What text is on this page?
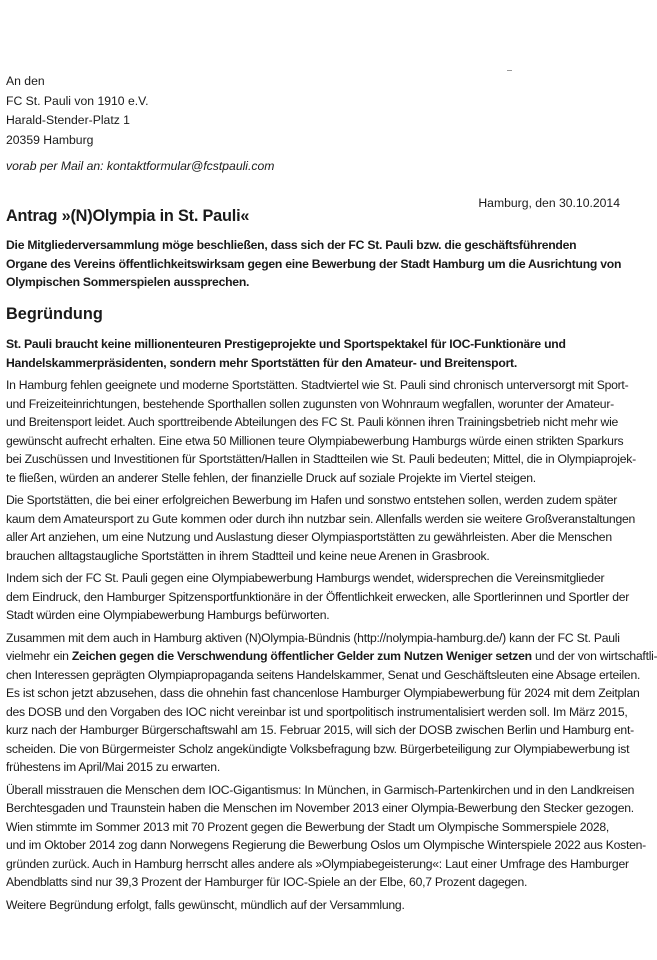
An den
FC St. Pauli von 1910 e.V.
Harald-Stender-Platz 1
20359 Hamburg
vorab per Mail an: kontaktformular@fcstpauli.com
Hamburg, den 30.10.2014
Antrag »(N)Olympia in St. Pauli«
Die Mitgliederversammlung möge beschließen, dass sich der FC St. Pauli bzw. die geschäftsführenden
Organe des Vereins öffentlichkeitswirksam gegen eine Bewerbung der Stadt Hamburg um die Ausrichtung von
Olympischen Sommerspielen aussprechen.
Begründung
St. Pauli braucht keine millionenteuren Prestigeprojekte und Sportspektakel für IOC-Funktionäre und
Handelskammerpräsidenten, sondern mehr Sportstätten für den Amateur- und Breitensport.
In Hamburg fehlen geeignete und moderne Sportstätten. Stadtviertel wie St. Pauli sind chronisch unterversorgt mit Sport-
und Freizeiteinrichtungen, bestehende Sporthallen sollen zugunsten von Wohnraum wegfallen, worunter der Amateur-
und Breitensport leidet. Auch sporttreibende Abteilungen des FC St. Pauli können ihren Trainingsbetrieb nicht mehr wie
gewünscht aufrecht erhalten. Eine etwa 50 Millionen teure Olympiabewerbung Hamburgs würde einen strikten Sparkurs
bei Zuschüssen und Investitionen für Sportstätten/Hallen in Stadtteilen wie St. Pauli bedeuten; Mittel, die in Olympiaprojek-
te fließen, würden an anderer Stelle fehlen, der finanzielle Druck auf soziale Projekte im Viertel steigen.
Die Sportstätten, die bei einer erfolgreichen Bewerbung im Hafen und sonstwo entstehen sollen, werden zudem später
kaum dem Amateursport zu Gute kommen oder durch ihn nutzbar sein. Allenfalls werden sie weitere Großveranstaltungen
aller Art anziehen, um eine Nutzung und Auslastung dieser Olympiasportstätten zu gewährleisten. Aber die Menschen
brauchen alltagstaugliche Sportstätten in ihrem Stadtteil und keine neue Arenen in Grasbrook.
Indem sich der FC St. Pauli gegen eine Olympiabewerbung Hamburgs wendet, widersprechen die Vereinsmitglieder
dem Eindruck, den Hamburger Spitzensportfunktionäre in der Öffentlichkeit erwecken, alle Sportlerinnen und Sportler der
Stadt würden eine Olympiabewerbung Hamburgs befürworten.
Zusammen mit dem auch in Hamburg aktiven (N)Olympia-Bündnis (http://nolympia-hamburg.de/) kann der FC St. Pauli
vielmehr ein Zeichen gegen die Verschwendung öffentlicher Gelder zum Nutzen Weniger setzen und der von wirtschaftli-
chen Interessen geprägten Olympiapropaganda seitens Handelskammer, Senat und Geschäftsleuten eine Absage erteilen.
Es ist schon jetzt abzusehen, dass die ohnehin fast chancenlose Hamburger Olympiabewerbung für 2024 mit dem Zeitplan
des DOSB und den Vorgaben des IOC nicht vereinbar ist und sportpolitisch instrumentalisiert werden soll. Im März 2015,
kurz nach der Hamburger Bürgerschaftswahl am 15. Februar 2015, will sich der DOSB zwischen Berlin und Hamburg ent-
scheiden. Die von Bürgermeister Scholz angekündigte Volksbefragung bzw. Bürgerbeteiligung zur Olympiabewerbung ist
frühestens im April/Mai 2015 zu erwarten.
Überall misstrauen die Menschen dem IOC-Gigantismus: In München, in Garmisch-Partenkirchen und in den Landkreisen
Berchtesgaden und Traunstein haben die Menschen im November 2013 einer Olympia-Bewerbung den Stecker gezogen.
Wien stimmte im Sommer 2013 mit 70 Prozent gegen die Bewerbung der Stadt um Olympische Sommerspiele 2028,
und im Oktober 2014 zog dann Norwegens Regierung die Bewerbung Oslos um Olympische Winterspiele 2022 aus Kosten-
gründen zurück. Auch in Hamburg herrscht alles andere als »Olympiabegeisterung«: Laut einer Umfrage des Hamburger
Abendblatts sind nur 39,3 Prozent der Hamburger für IOC-Spiele an der Elbe, 60,7 Prozent dagegen.
Weitere Begründung erfolgt, falls gewünscht, mündlich auf der Versammlung.
